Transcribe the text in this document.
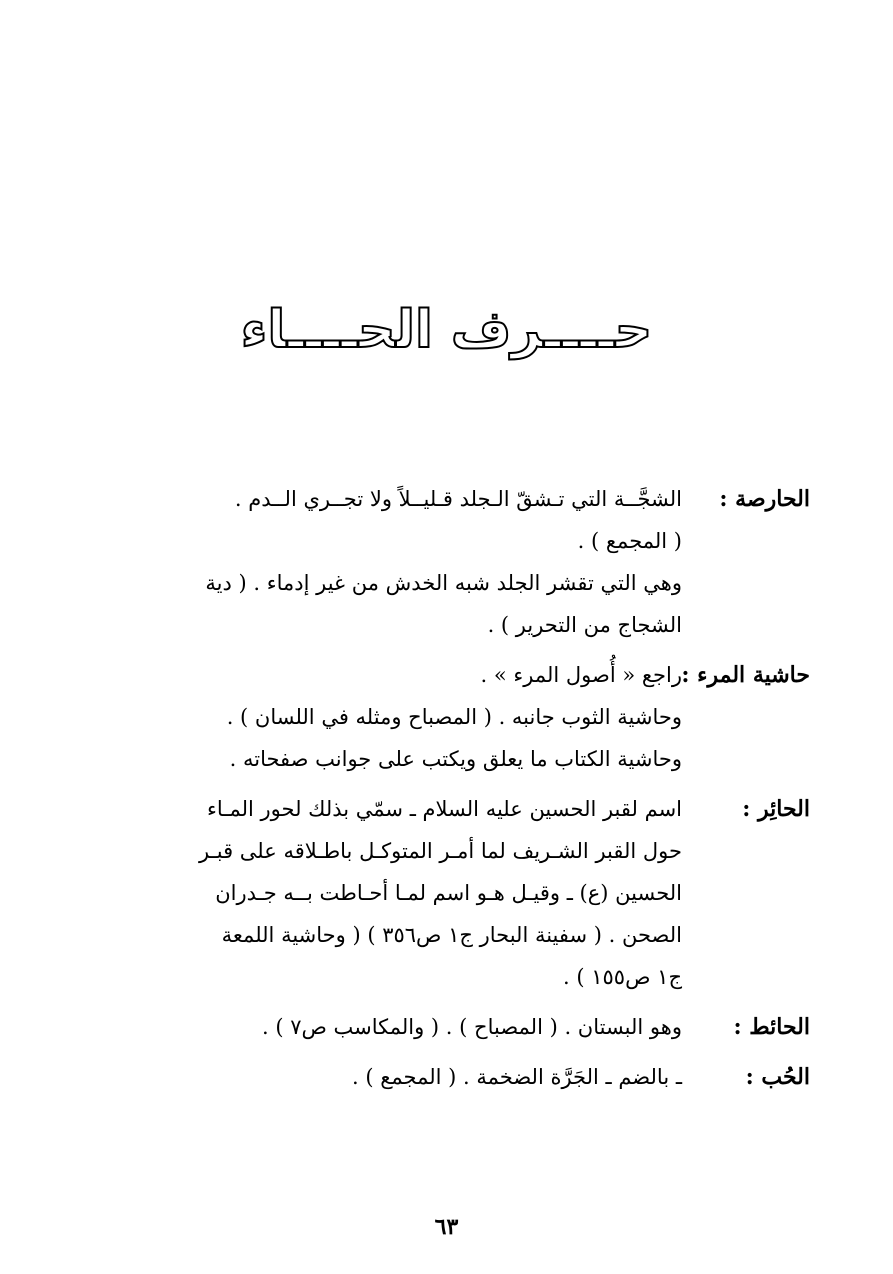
حــــرف الحــــاء
الحارصة :
الشجَّــة التي تـشقّ الـجلد قـليــلاً ولا تجــري الــدم .
( المجمع ) .
وهي التي تقشر الجلد شبه الخدش من غير إدماء . ( دية
الشجاج من التحرير ) .
حاشية المرء :
راجع « أُصول المرء » .
وحاشية الثوب جانبه . ( المصباح ومثله في اللسان ) .
وحاشية الكتاب ما يعلق ويكتب على جوانب صفحاته .
الحائِر :
اسم لقبر الحسين عليه السلام ـ سمّي بذلك لحور المـاء
حول القبر الشـريف لما أمـر المتوكـل باطـلاقه على قبـر
الحسين (ع) ـ وقيـل هـو اسم لمـا أحـاطت بــه جـدران
الصحن . ( سفينة البحار ج١ ص٣٥٦ ) ( وحاشية اللمعة
ج١ ص١٥٥ ) .
الحائط :
وهو البستان . ( المصباح ) . ( والمكاسب ص٧ ) .
الحُب :
ـ بالضم ـ الجَرَّة الضخمة . ( المجمع ) .
٦٣
